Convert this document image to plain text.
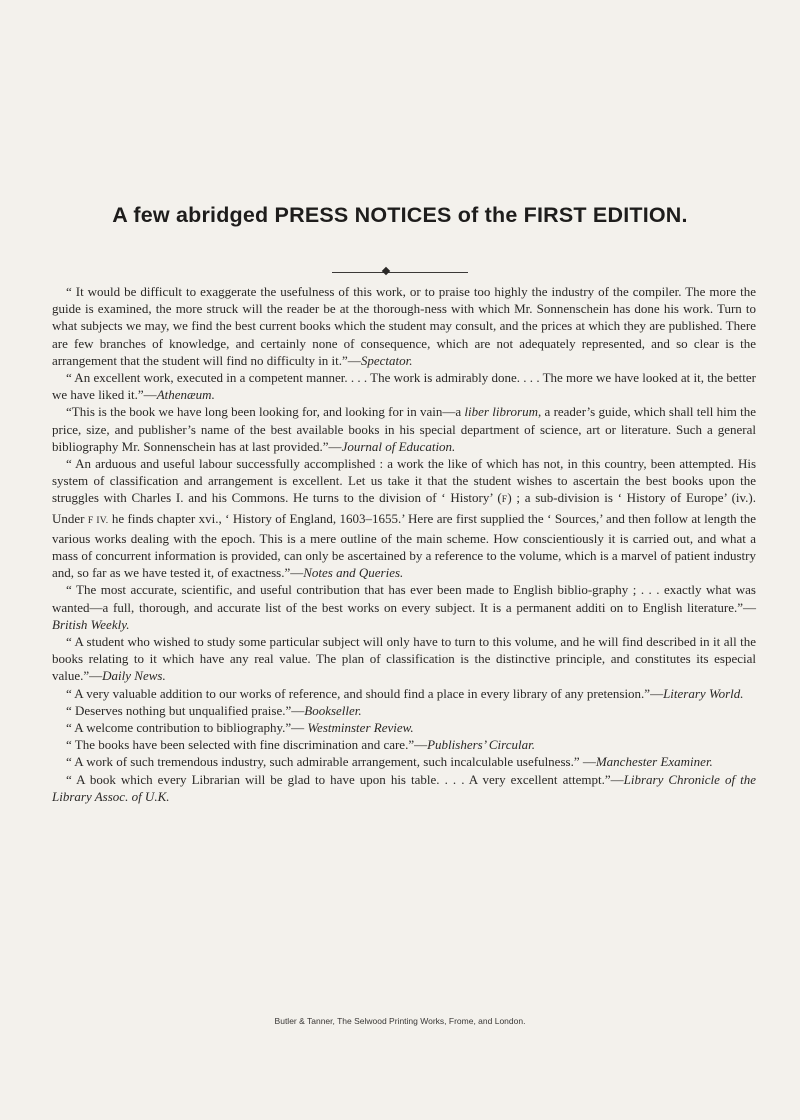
A few abridged PRESS NOTICES of the FIRST EDITION.

“ It would be difficult to exaggerate the usefulness of this work, or to praise too highly the industry of the compiler. The more the guide is examined, the more struck will the reader be at the thorough-ness with which Mr. Sonnenschein has done his work. Turn to what subjects we may, we find the best current books which the student may consult, and the prices at which they are published. There are few branches of knowledge, and certainly none of consequence, which are not adequately represented, and so clear is the arrangement that the student will find no difficulty in it.”—Spectator.

“ An excellent work, executed in a competent manner. . . . The work is admirably done. . . . The more we have looked at it, the better we have liked it.”—Athenæum.

“This is the book we have long been looking for, and looking for in vain—a liber librorum, a reader’s guide, which shall tell him the price, size, and publisher’s name of the best available books in his special department of science, art or literature. Such a general bibliography Mr. Sonnenschein has at last provided.”—Journal of Education.

“ An arduous and useful labour successfully accomplished : a work the like of which has not, in this country, been attempted. His system of classification and arrangement is excellent. Let us take it that the student wishes to ascertain the best books upon the struggles with Charles I. and his Commons. He turns to the division of ‘ History’ (F) ; a sub-division is ‘ History of Europe’ (iv.). Under F IV. he finds chapter xvi., ‘ History of England, 1603–1655.’ Here are first supplied the ‘ Sources,’ and then follow at length the various works dealing with the epoch. This is a mere outline of the main scheme. How conscientiously it is carried out, and what a mass of concurrent information is provided, can only be ascertained by a reference to the volume, which is a marvel of patient industry and, so far as we have tested it, of exactness.”—Notes and Queries.

“ The most accurate, scientific, and useful contribution that has ever been made to English biblio-graphy ; . . . exactly what was wanted—a full, thorough, and accurate list of the best works on every subject. It is a permanent additi on to English literature.”—British Weekly.

“ A student who wished to study some particular subject will only have to turn to this volume, and he will find described in it all the books relating to it which have any real value. The plan of classification is the distinctive principle, and constitutes its especial value.”—Daily News.

“ A very valuable addition to our works of reference, and should find a place in every library of any pretension.”—Literary World.

“ Deserves nothing but unqualified praise.”—Bookseller.

“ A welcome contribution to bibliography.”— Westminster Review.

“ The books have been selected with fine discrimination and care.”—Publishers’ Circular.

“ A work of such tremendous industry, such admirable arrangement, such incalculable usefulness.” —Manchester Examiner.

“ A book which every Librarian will be glad to have upon his table. . . . A very excellent attempt.”—Library Chronicle of the Library Assoc. of U.K.

Butler & Tanner, The Selwood Printing Works, Frome, and London.
